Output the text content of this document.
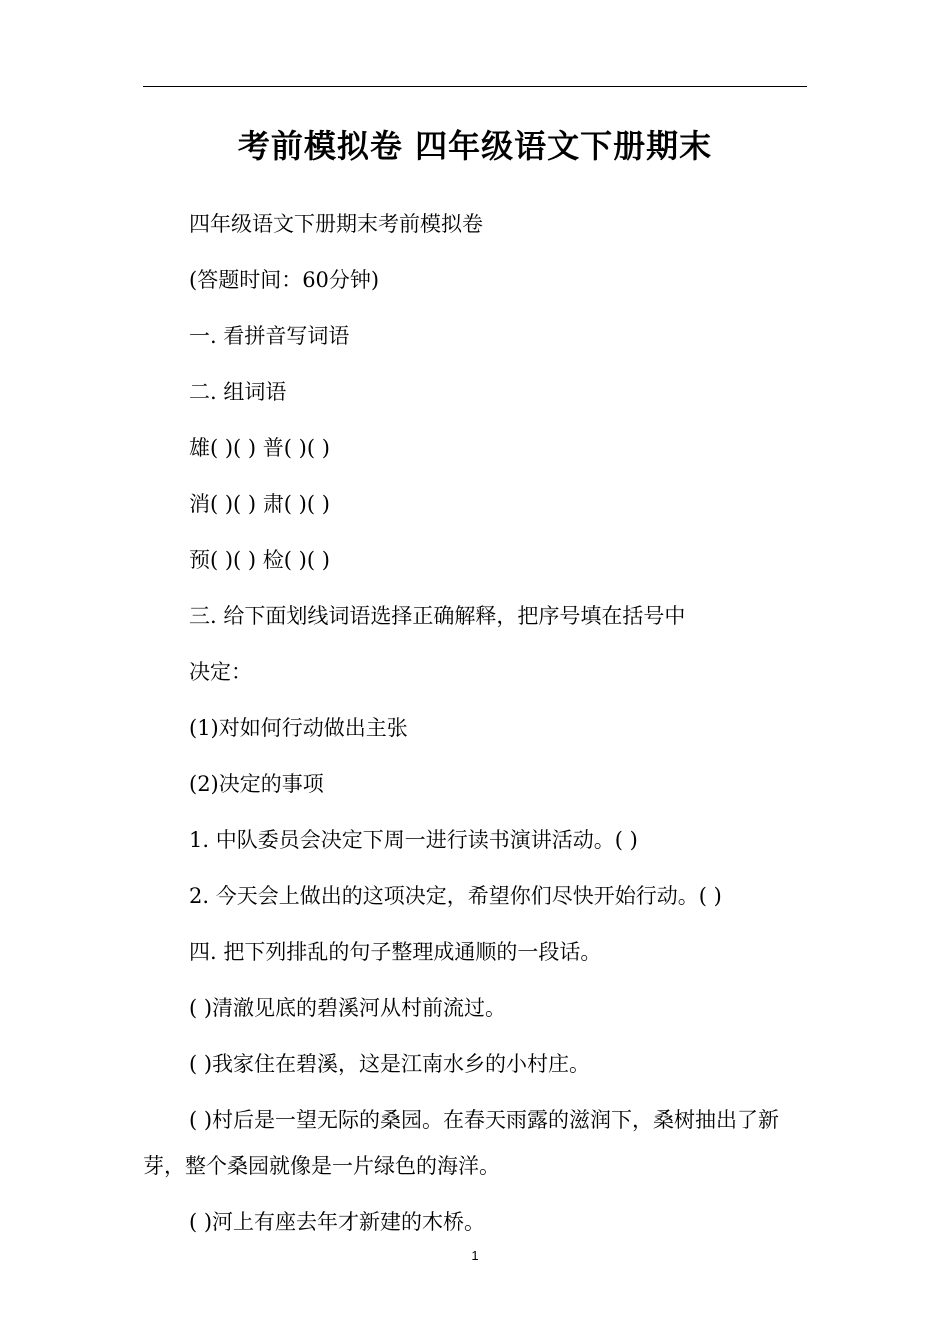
考前模拟卷 四年级语文下册期末
四年级语文下册期末考前模拟卷
(答题时间：60分钟)
一. 看拼音写词语
二. 组词语
雄( )( ) 普( )( )
消( )( ) 肃( )( )
预( )( ) 检( )( )
三. 给下面划线词语选择正确解释，把序号填在括号中
决定：
(1)对如何行动做出主张
(2)决定的事项
1. 中队委员会决定下周一进行读书演讲活动。( )
2. 今天会上做出的这项决定，希望你们尽快开始行动。( )
四. 把下列排乱的句子整理成通顺的一段话。
( )清澈见底的碧溪河从村前流过。
( )我家住在碧溪，这是江南水乡的小村庄。
( )村后是一望无际的桑园。在春天雨露的滋润下，桑树抽出了新芽，整个桑园就像是一片绿色的海洋。
( )河上有座去年才新建的木桥。
1
